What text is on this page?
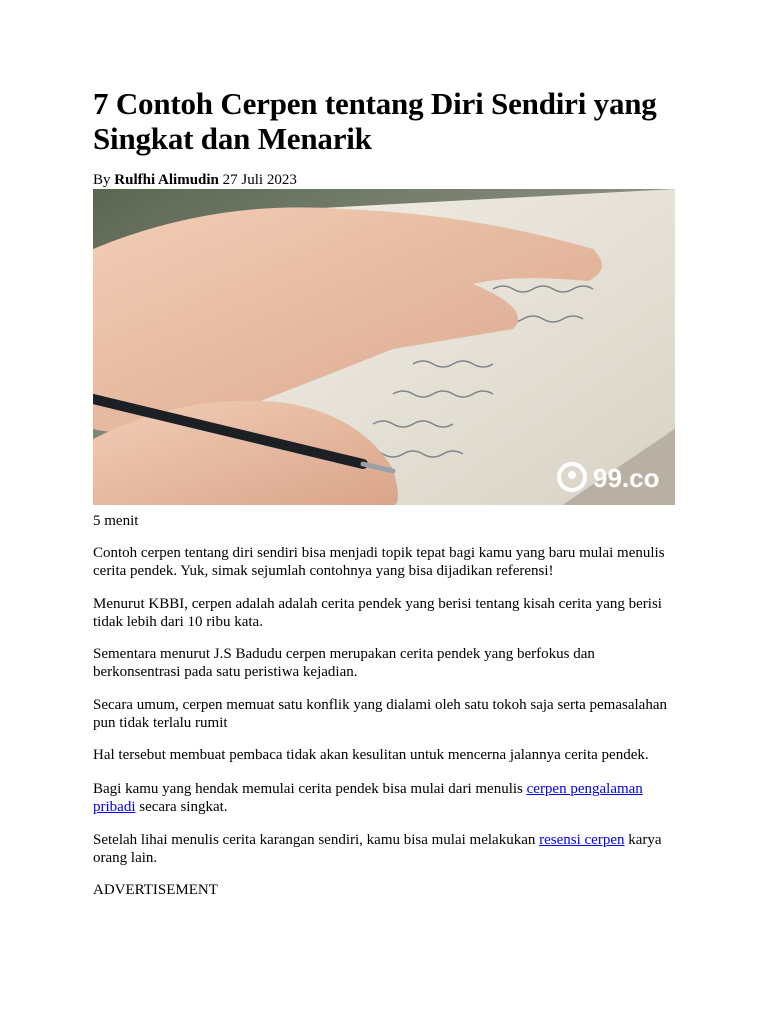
7 Contoh Cerpen tentang Diri Sendiri yang Singkat dan Menarik
By Rulfhi Alimudin 27 Juli 2023
99.co
5 menit

Contoh cerpen tentang diri sendiri bisa menjadi topik tepat bagi kamu yang baru mulai menulis cerita pendek. Yuk, simak sejumlah contohnya yang bisa dijadikan referensi!

Menurut KBBI, cerpen adalah adalah cerita pendek yang berisi tentang kisah cerita yang berisi tidak lebih dari 10 ribu kata.

Sementara menurut J.S Badudu cerpen merupakan cerita pendek yang berfokus dan berkonsentrasi pada satu peristiwa kejadian.

Secara umum, cerpen memuat satu konflik yang dialami oleh satu tokoh saja serta pemasalahan pun tidak terlalu rumit

Hal tersebut membuat pembaca tidak akan kesulitan untuk mencerna jalannya cerita pendek.

Bagi kamu yang hendak memulai cerita pendek bisa mulai dari menulis cerpen pengalaman pribadi secara singkat.

Setelah lihai menulis cerita karangan sendiri, kamu bisa mulai melakukan resensi cerpen karya orang lain.

ADVERTISEMENT
